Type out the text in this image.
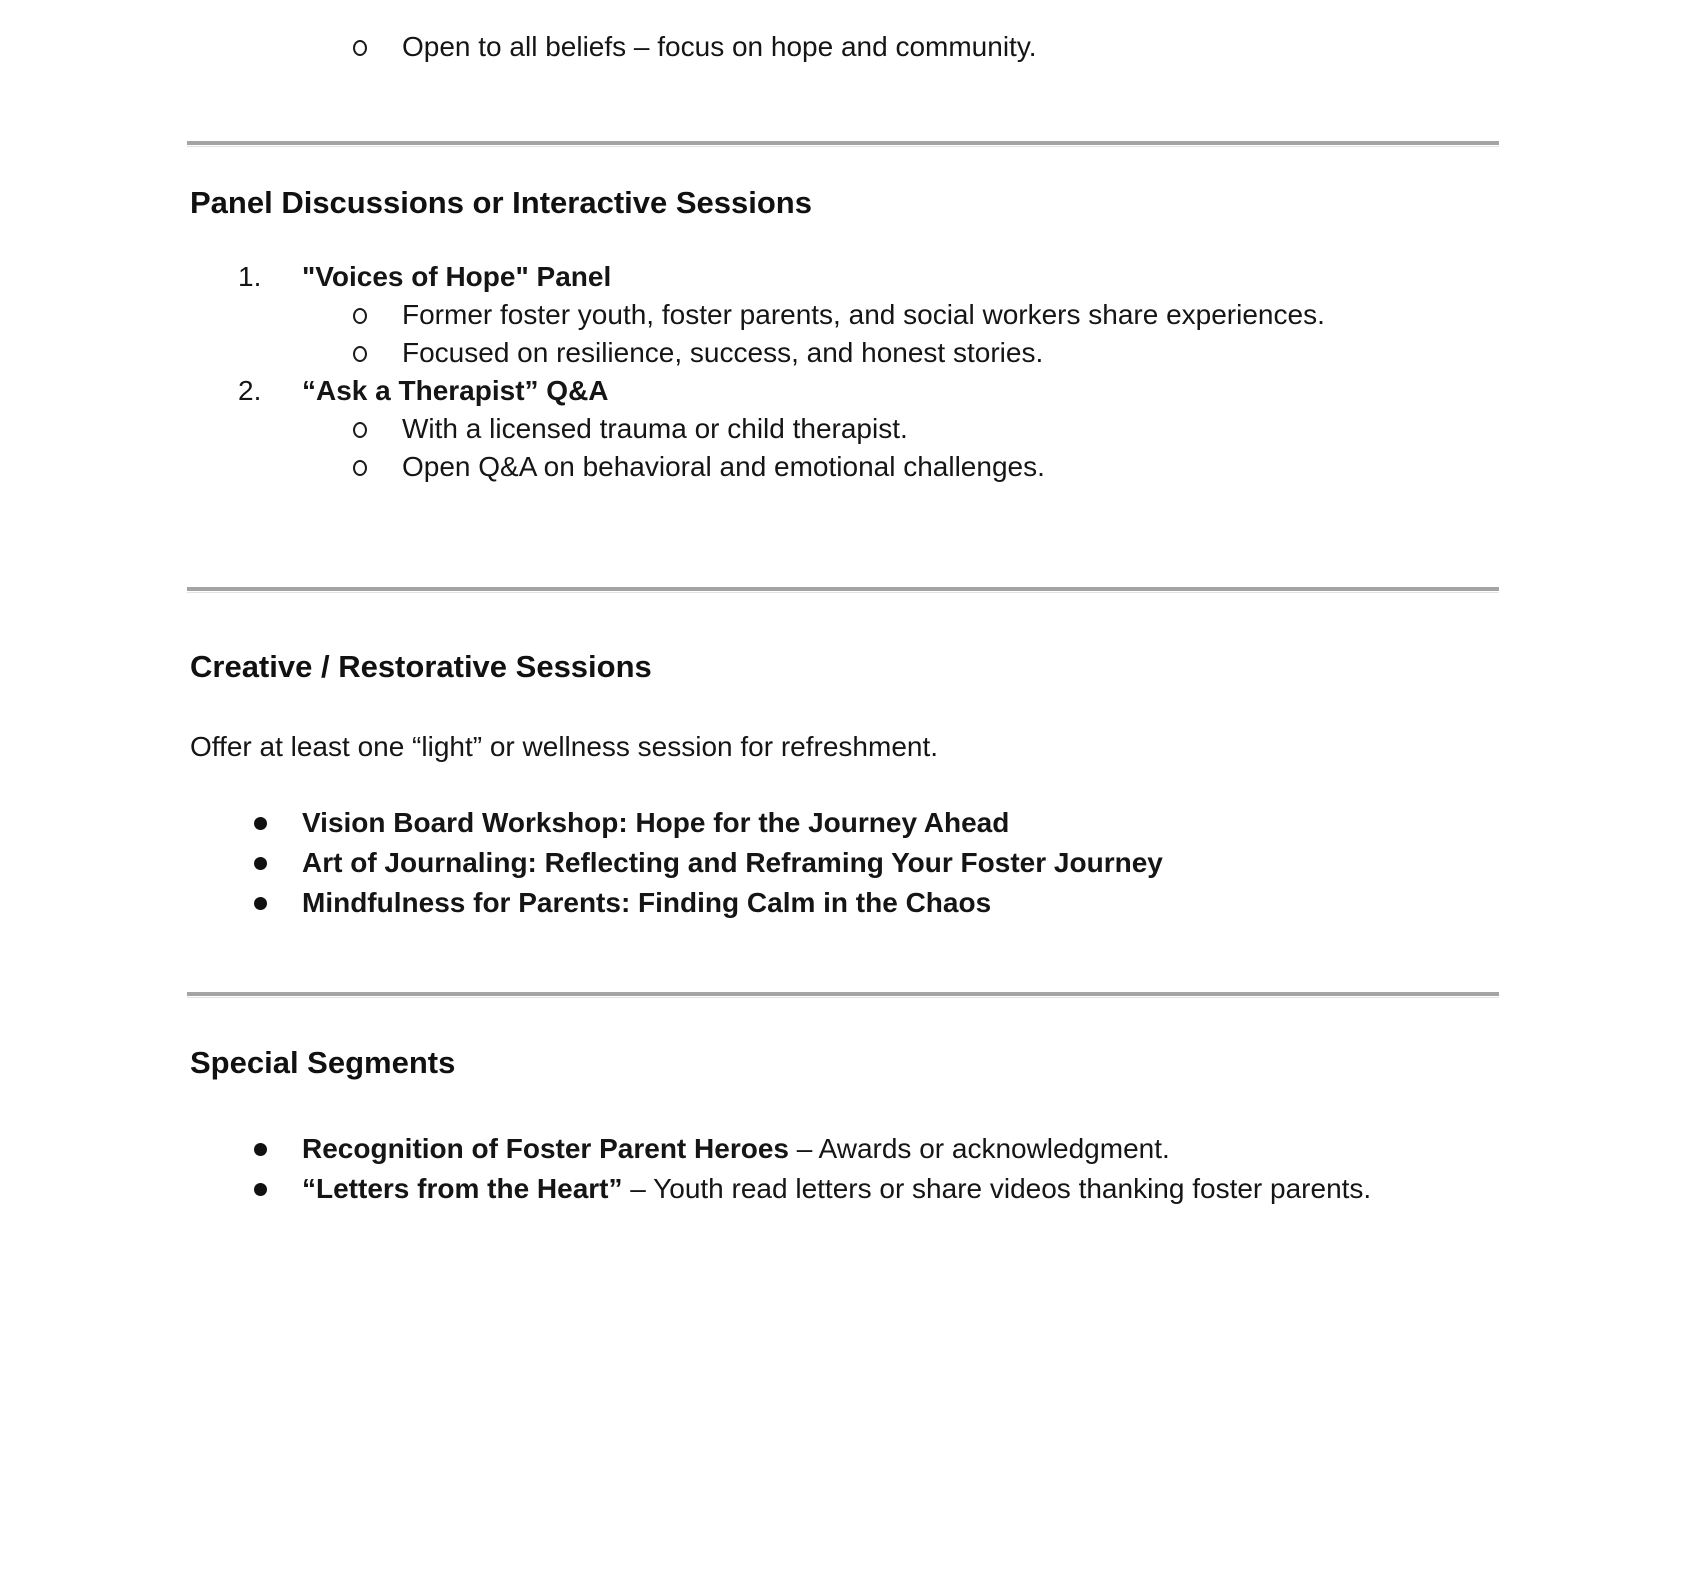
Open to all beliefs – focus on hope and community.
Panel Discussions or Interactive Sessions
1. "Voices of Hope" Panel
Former foster youth, foster parents, and social workers share experiences.
Focused on resilience, success, and honest stories.
2. “Ask a Therapist” Q&A
With a licensed trauma or child therapist.
Open Q&A on behavioral and emotional challenges.
Creative / Restorative Sessions

Offer at least one “light” or wellness session for refreshment.

Vision Board Workshop: Hope for the Journey Ahead
Art of Journaling: Reflecting and Reframing Your Foster Journey
Mindfulness for Parents: Finding Calm in the Chaos
Special Segments
Recognition of Foster Parent Heroes – Awards or acknowledgment.
“Letters from the Heart” – Youth read letters or share videos thanking foster parents.
